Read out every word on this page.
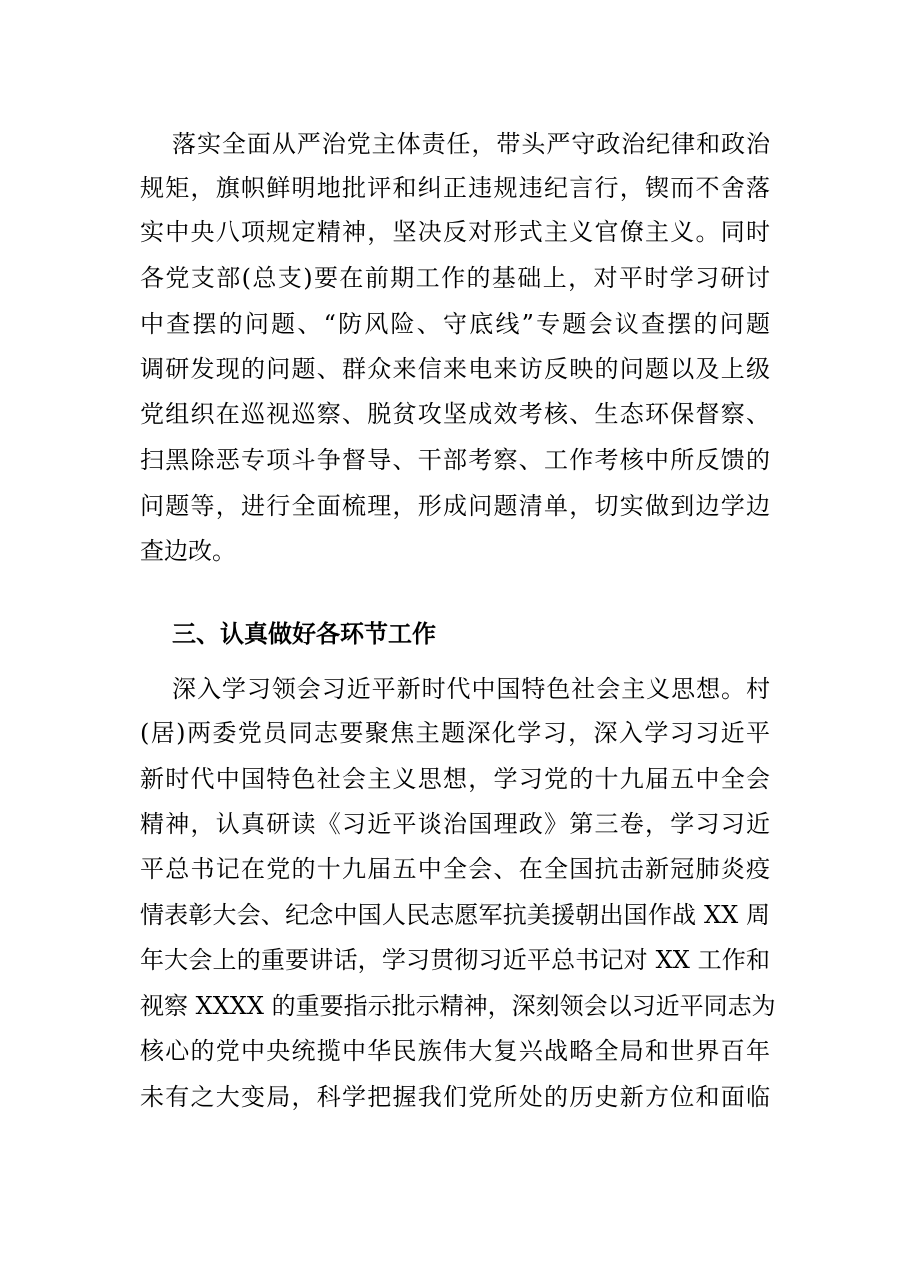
落实全面从严治党主体责任，带头严守政治纪律和政治
规矩，旗帜鲜明地批评和纠正违规违纪言行，锲而不舍落
实中央八项规定精神，坚决反对形式主义官僚主义。同时
各党支部(总支)要在前期工作的基础上，对平时学习研讨
中查摆的问题、“防风险、守底线”专题会议查摆的问题
调研发现的问题、群众来信来电来访反映的问题以及上级
党组织在巡视巡察、脱贫攻坚成效考核、生态环保督察、
扫黑除恶专项斗争督导、干部考察、工作考核中所反馈的
问题等，进行全面梳理，形成问题清单，切实做到边学边
查边改。
三、认真做好各环节工作
深入学习领会习近平新时代中国特色社会主义思想。村
(居)两委党员同志要聚焦主题深化学习，深入学习习近平
新时代中国特色社会主义思想，学习党的十九届五中全会
精神，认真研读《习近平谈治国理政》第三卷，学习习近
平总书记在党的十九届五中全会、在全国抗击新冠肺炎疫
情表彰大会、纪念中国人民志愿军抗美援朝出国作战 XX 周
年大会上的重要讲话，学习贯彻习近平总书记对 XX 工作和
视察 XXXX 的重要指示批示精神，深刻领会以习近平同志为
核心的党中央统揽中华民族伟大复兴战略全局和世界百年
未有之大变局，科学把握我们党所处的历史新方位和面临
